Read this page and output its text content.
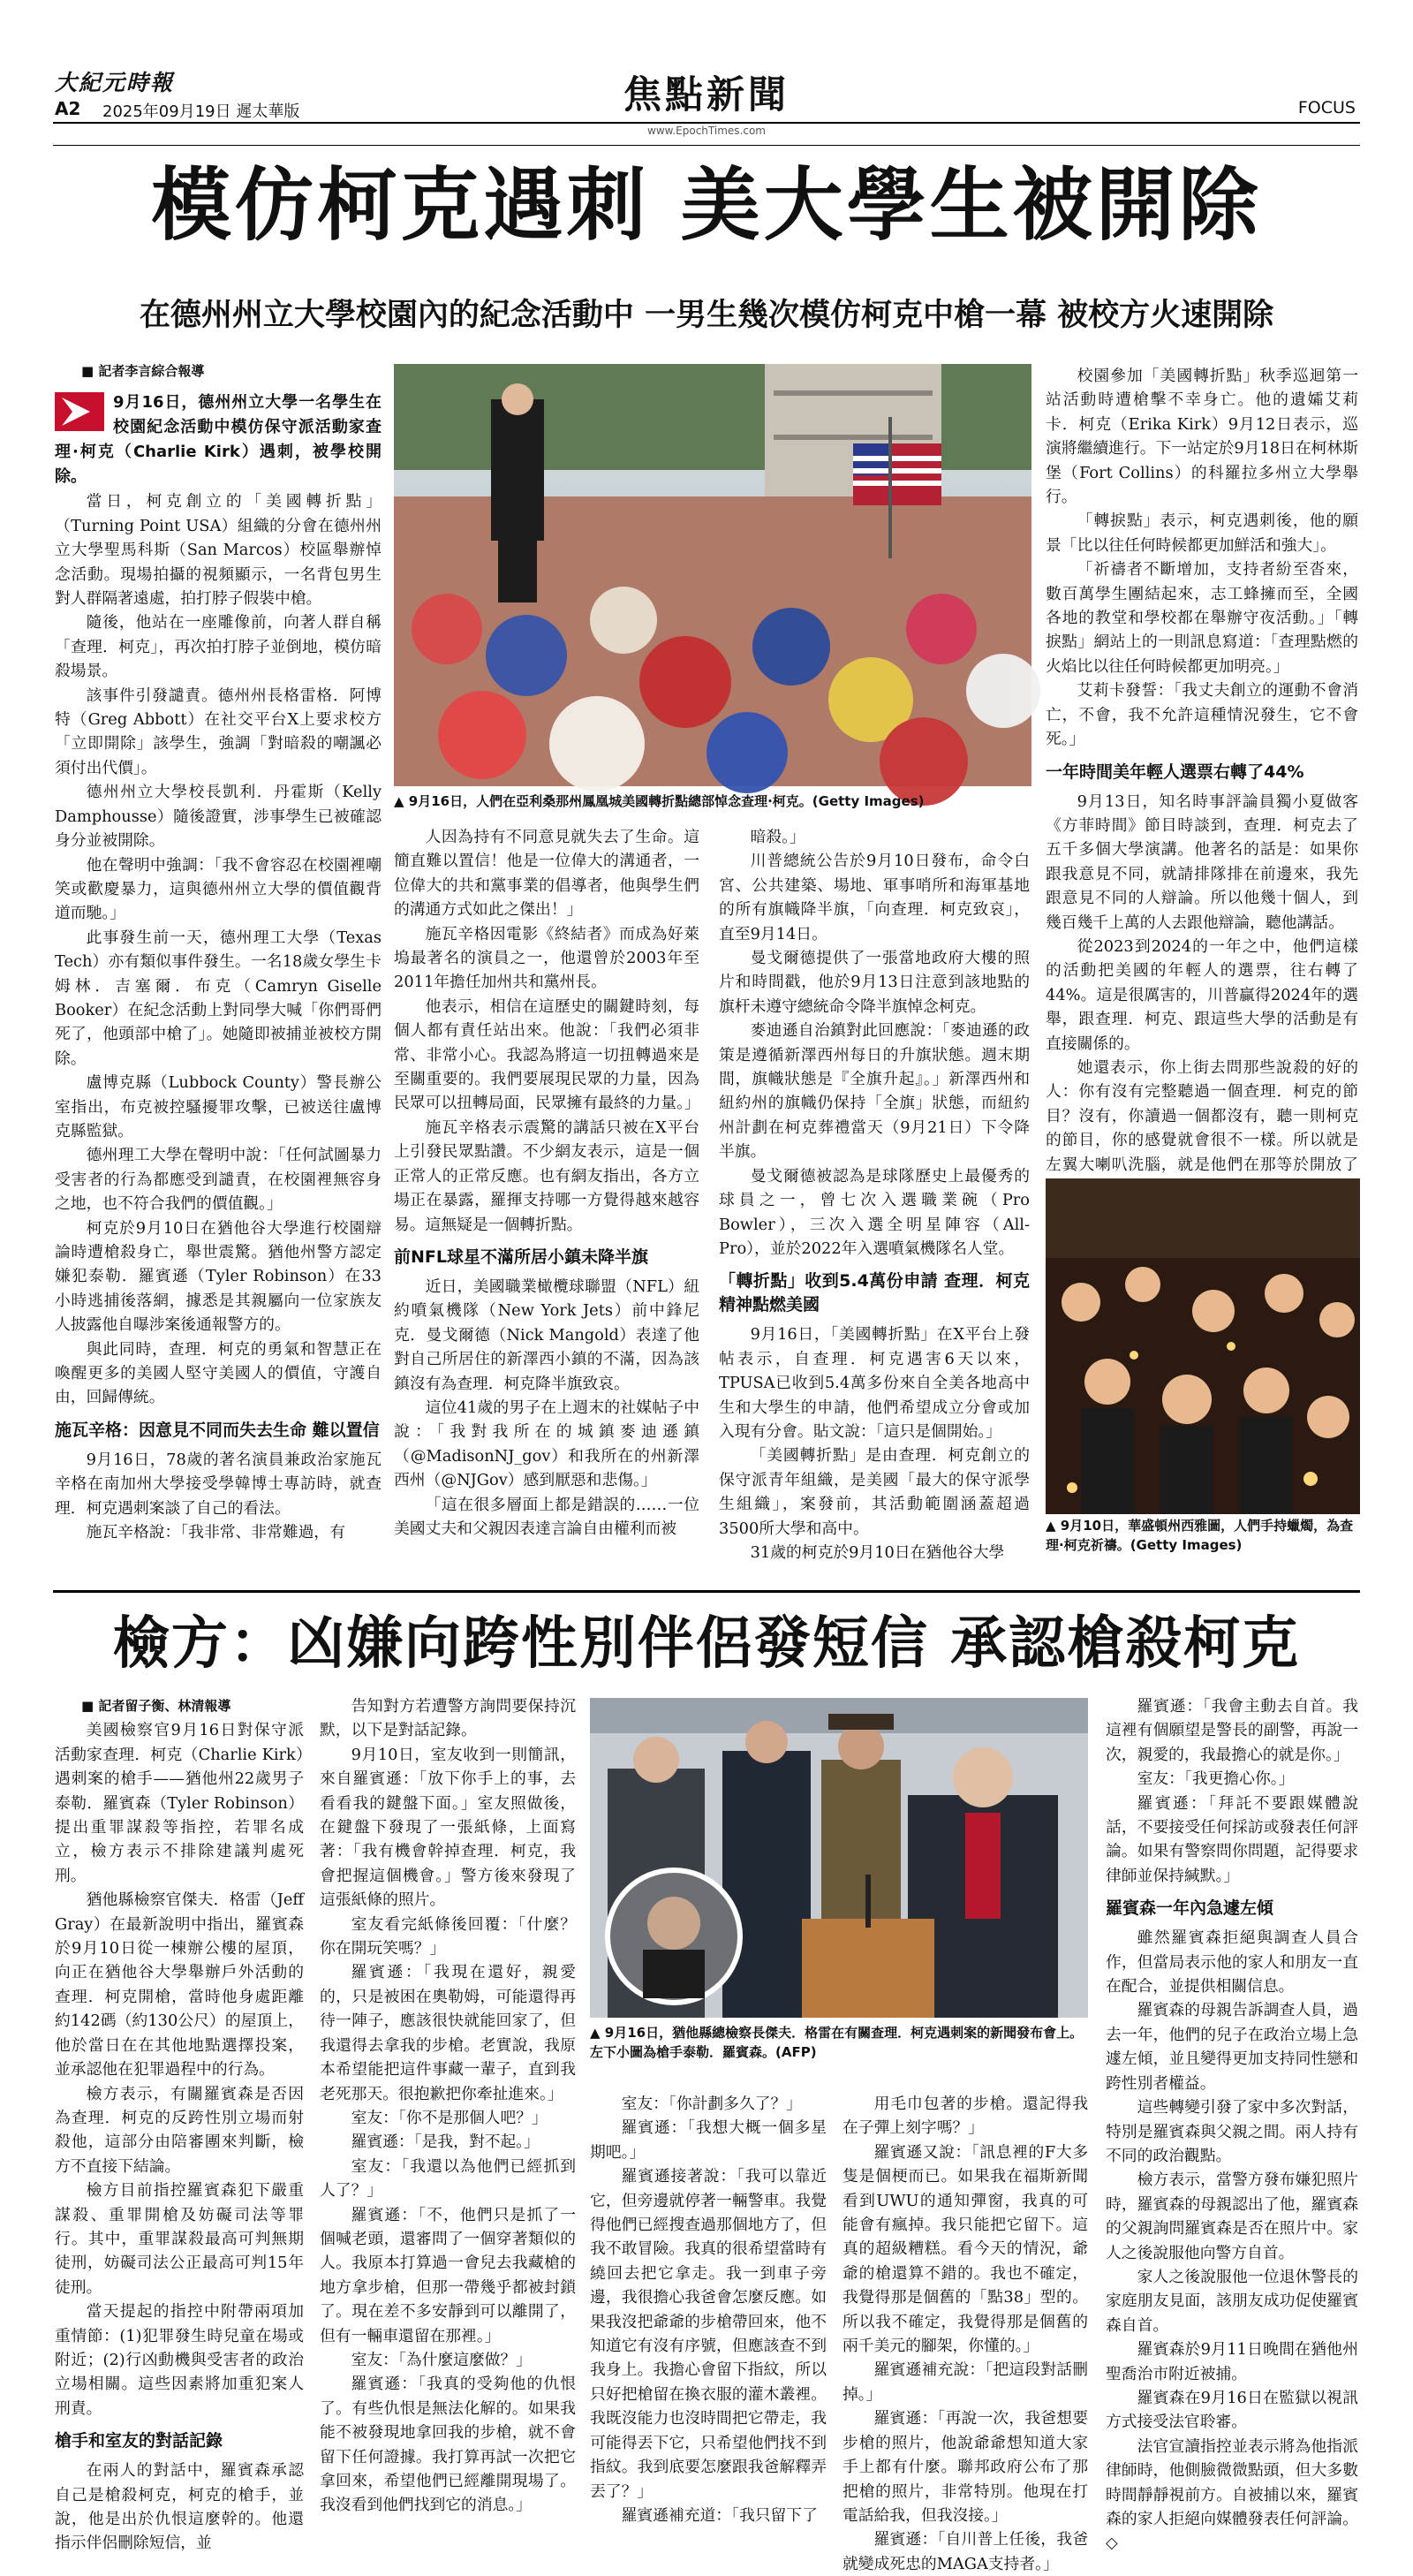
大紀元時報
A2 2025年09月19日 遲太華版	焦點新聞
www.EpochTimes.com
FOCUS
模仿柯克遇刺 美大學生被開除
在德州州立大學校園內的紀念活動中 一男生幾次模仿柯克中槍一幕 被校方火速開除

■ 記者李言綜合報導

9月16日，德州州立大學一名學生在校園紀念活動中模仿保守派活動家查理·柯克（Charlie Kirk）遇刺，被學校開除。

當日，柯克創立的「美國轉折點」（Turning Point USA）組織的分會在德州州立大學聖馬科斯（San Marcos）校區舉辦悼念活動。現場拍攝的視頻顯示，一名背包男生對人群隔著遠處，拍打脖子假裝中槍。

隨後，他站在一座雕像前，向著人群自稱「查理．柯克」，再次拍打脖子並倒地，模仿暗殺場景。

該事件引發譴責。德州州長格雷格．阿博特（Greg Abbott）在社交平台X上要求校方「立即開除」該學生，強調「對暗殺的嘲諷必須付出代價」。

德州州立大學校長凱利．丹霍斯（Kelly Damphousse）隨後證實，涉事學生已被確認身分並被開除。

他在聲明中強調：「我不會容忍在校園裡嘲笑或歡慶暴力，這與德州州立大學的價值觀背道而馳。」

此事發生前一天，德州理工大學（Texas Tech）亦有類似事件發生。一名18歲女學生卡姆林．吉塞爾．布克（Camryn Giselle Booker）在紀念活動上對同學大喊「你們哥們死了，他頭部中槍了」。她隨即被捕並被校方開除。

盧博克縣（Lubbock County）警長辦公室指出，布克被控騷擾罪攻擊，已被送往盧博克縣監獄。

德州理工大學在聲明中說：「任何試圖暴力受害者的行為都應受到譴責，在校園裡無容身之地，也不符合我們的價值觀。」

柯克於9月10日在猶他谷大學進行校園辯論時遭槍殺身亡，舉世震驚。猶他州警方認定嫌犯泰勒．羅賓遜（Tyler Robinson）在33小時逃捕後落網，據悉是其親屬向一位家族友人披露他自曝涉案後通報警方的。

與此同時，查理．柯克的勇氣和智慧正在喚醒更多的美國人堅守美國人的價值，守護自由，回歸傳統。

施瓦辛格：因意見不同而失去生命 難以置信

9月16日，78歲的著名演員兼政治家施瓦辛格在南加州大學接受學韓博士專訪時，就查理．柯克遇刺案談了自己的看法。

施瓦辛格說：「我非常、非常難過，有

▲ 9月16日，人們在亞利桑那州鳳凰城美國轉折點總部悼念查理·柯克。(Getty Images)

人因為持有不同意見就失去了生命。這簡直難以置信！他是一位偉大的溝通者，一位偉大的共和黨事業的倡導者，他與學生們的溝通方式如此之傑出！」

施瓦辛格因電影《終結者》而成為好萊塢最著名的演員之一，他還曾於2003年至2011年擔任加州共和黨州長。

他表示，相信在這歷史的關鍵時刻，每個人都有責任站出來。他說：「我們必須非常、非常小心。我認為將這一切扭轉過來是至關重要的。我們要展現民眾的力量，因為民眾可以扭轉局面，民眾擁有最終的力量。」

施瓦辛格表示震驚的講話只被在X平台上引發民眾點讚。不少網友表示，這是一個正常人的正常反應。也有網友指出，各方立場正在暴露，羅揮支持哪一方覺得越來越容易。這無疑是一個轉折點。

前NFL球星不滿所居小鎮未降半旗

近日，美國職業橄欖球聯盟（NFL）紐約噴氣機隊（New York Jets）前中鋒尼克．曼戈爾德（Nick Mangold）表達了他對自己所居住的新澤西小鎮的不滿，因為該鎮沒有為查理．柯克降半旗致哀。

這位41歲的男子在上週末的社媒帖子中說：「我對我所在的城鎮麥迪遜鎮（@MadisonNJ_gov）和我所在的州新澤西州（@NJGov）感到厭惡和悲傷。」

「這在很多層面上都是錯誤的……一位美國丈夫和父親因表達言論自由權利而被

暗殺。」

川普總統公告於9月10日發布，命令白宮、公共建築、場地、軍事哨所和海軍基地的所有旗幟降半旗，「向查理．柯克致哀」，直至9月14日。

曼戈爾德提供了一張當地政府大樓的照片和時間戳，他於9月13日注意到該地點的旗杆未遵守總統命令降半旗悼念柯克。

麥迪遜自治鎮對此回應說：「麥迪遜的政策是遵循新澤西州每日的升旗狀態。週末期間，旗幟狀態是『全旗升起』。」新澤西州和紐約州的旗幟仍保持「全旗」狀態，而紐約州計劃在柯克葬禮當天（9月21日）下令降半旗。

曼戈爾德被認為是球隊歷史上最優秀的球員之一，曾七次入選職業碗（Pro Bowler），三次入選全明星陣容（All-Pro），並於2022年入選噴氣機隊名人堂。

「轉折點」收到5.4萬份申請 查理．柯克精神點燃美國

9月16日，「美國轉折點」在X平台上發帖表示，自查理．柯克遇害6天以來，TPUSA已收到5.4萬多份來自全美各地高中生和大學生的申請，他們希望成立分會或加入現有分會。貼文說：「這只是個開始。」

「美國轉折點」是由查理．柯克創立的保守派青年組織，是美國「最大的保守派學生組織」，案發前，其活動範圍涵蓋超過3500所大學和高中。

31歲的柯克於9月10日在猶他谷大學

校園參加「美國轉折點」秋季巡迴第一站活動時遭槍擊不幸身亡。他的遺孀艾莉卡．柯克（Erika Kirk）9月12日表示，巡演將繼續進行。下一站定於9月18日在柯林斯堡（Fort Collins）的科羅拉多州立大學舉行。

「轉捩點」表示，柯克遇刺後，他的願景「比以往任何時候都更加鮮活和強大」。

「祈禱者不斷增加，支持者紛至沓來，數百萬學生團結起來，志工蜂擁而至，全國各地的教堂和學校都在舉辦守夜活動。」「轉捩點」網站上的一則訊息寫道：「查理點燃的火焰比以往任何時候都更加明亮。」

艾莉卡發誓：「我丈夫創立的運動不會消亡，不會，我不允許這種情況發生，它不會死。」

一年時間美年輕人選票右轉了44%

9月13日，知名時事評論員獨小夏做客《方菲時間》節目時談到，查理．柯克去了五千多個大學演講。他著名的話是：如果你跟我意見不同，就請排隊排在前邊來，我先跟意見不同的人辯論。所以他幾十個人，到幾百幾千上萬的人去跟他辯論，聽他講話。

從2023到2024的一年之中，他們這樣的活動把美國的年輕人的選票，往右轉了44%。這是很厲害的，川普贏得2024年的選舉，跟查理．柯克、跟這些大學的活動是有直接關係的。

她還表示，你上街去問那些說殺的好的人：你有沒有完整聽過一個查理．柯克的節目？沒有，你讀過一個都沒有，聽一則柯克的節目，你的感覺就會很不一樣。所以就是左翼大喇叭洗腦，就是他們在那等於開放了

▲ 9月10日，華盛頓州西雅圖，人們手持蠟燭，為查理·柯克祈禱。(Getty Images)
檢方：凶嫌向跨性別伴侶發短信 承認槍殺柯克

■ 記者留子衡、林清報導

美國檢察官9月16日對保守派活動家查理．柯克（Charlie Kirk）遇刺案的槍手——猶他州22歲男子泰勒．羅賓森（Tyler Robinson）提出重罪謀殺等指控，若罪名成立，檢方表示不排除建議判處死刑。

猶他縣檢察官傑夫．格雷（Jeff Gray）在最新說明中指出，羅賓森於9月10日從一棟辦公樓的屋頂，向正在猶他谷大學舉辦戶外活動的查理．柯克開槍，當時他身處距離約142碼（約130公尺）的屋頂上，他於當日在在其他地點選擇投案，並承認他在犯罪過程中的行為。

檢方表示，有關羅賓森是否因為查理．柯克的反跨性別立場而射殺他，這部分由陪審團來判斷，檢方不直接下結論。

檢方目前指控羅賓森犯下嚴重謀殺、重罪開槍及妨礙司法等罪行。其中，重罪謀殺最高可判無期徒刑，妨礙司法公正最高可判15年徒刑。

當天提起的指控中附帶兩項加重情節：(1)犯罪發生時兒童在場或附近；(2)行凶動機與受害者的政治立場相關。這些因素將加重犯案人刑責。

槍手和室友的對話記錄

在兩人的對話中，羅賓森承認自己是槍殺柯克，柯克的槍手，並說，他是出於仇恨這麼幹的。他還指示伴侶刪除短信，並

告知對方若遭警方詢問要保持沉默，以下是對話記錄。

9月10日，室友收到一則簡訊，來自羅賓遜：「放下你手上的事，去看看我的鍵盤下面。」室友照做後，在鍵盤下發現了一張紙條，上面寫著：「我有機會幹掉查理．柯克，我會把握這個機會。」警方後來發現了這張紙條的照片。

室友看完紙條後回覆：「什麼？你在開玩笑嗎？」

羅賓遜：「我現在還好，親愛的，只是被困在奧勒姆，可能還得再待一陣子，應該很快就能回家了，但我還得去拿我的步槍。老實說，我原本希望能把這件事藏一輩子，直到我老死那天。很抱歉把你牽扯進來。」

室友：「你不是那個人吧？」

羅賓遜：「是我，對不起。」

室友：「我還以為他們已經抓到人了？」

羅賓遜：「不，他們只是抓了一個喊老頭，還審問了一個穿著類似的人。我原本打算過一會兒去我藏槍的地方拿步槍，但那一帶幾乎都被封鎖了。現在差不多安靜到可以離開了，但有一輛車還留在那裡。」

室友：「為什麼這麼做？」

羅賓遜：「我真的受夠他的仇恨了。有些仇恨是無法化解的。如果我能不被發現地拿回我的步槍，就不會留下任何證據。我打算再試一次把它拿回來，希望他們已經離開現場了。我沒看到他們找到它的消息。」

▲ 9月16日，猶他縣總檢察長傑夫．格雷在有關查理．柯克遇刺案的新聞發布會上。左下小圖為槍手泰勒．羅賓森。(AFP)

室友：「你計劃多久了？」

羅賓遜：「我想大概一個多星期吧。」

羅賓遜接著說：「我可以靠近它，但旁邊就停著一輛警車。我覺得他們已經搜查過那個地方了，但我不敢冒險。我真的很希望當時有繞回去把它拿走。我一到車子旁邊，我很擔心我爸會怎麼反應。如果我沒把爺爺的步槍帶回來，他不知道它有沒有序號，但應該查不到我身上。我擔心會留下指紋，所以只好把槍留在換衣服的灌木叢裡。我既沒能力也沒時間把它帶走，我可能得丟下它，只希望他們找不到指紋。我到底要怎麼跟我爸解釋弄丟了？」

羅賓遜補充道：「我只留下了

用毛巾包著的步槍。還記得我在子彈上刻字嗎？」

羅賓遜又說：「訊息裡的F大多隻是個梗而已。如果我在福斯新聞看到UWU的通知彈窗，我真的可能會有瘋掉。我只能把它留下。這真的超級糟糕。看今天的情況，爺爺的槍還算不錯的。我也不確定，我覺得那是個舊的「點38」型的。所以我不確定，我覺得那是個舊的兩千美元的腳架，你懂的。」

羅賓遜補充說：「把這段對話刪掉。」

羅賓遜：「再說一次，我爸想要步槍的照片，他說爺爺想知道大家手上都有什麼。聯邦政府公布了那把槍的照片，非常特別。他現在打電話給我，但我沒接。」

羅賓遜：「自川普上任後，我爸就變成死忠的MAGA支持者。」

羅賓遜：「我會主動去自首。我這裡有個願望是警長的副警，再說一次，親愛的，我最擔心的就是你。」

室友：「我更擔心你。」

羅賓遜：「拜託不要跟媒體說話，不要接受任何採訪或發表任何評論。如果有警察問你問題，記得要求律師並保持緘默。」

羅賓森一年內急遽左傾

雖然羅賓森拒絕與調查人員合作，但當局表示他的家人和朋友一直在配合，並提供相關信息。

羅賓森的母親告訴調查人員，過去一年，他們的兒子在政治立場上急遽左傾，並且變得更加支持同性戀和跨性別者權益。

這些轉變引發了家中多次對話，特別是羅賓森與父親之間。兩人持有不同的政治觀點。

檢方表示，當警方發布嫌犯照片時，羅賓森的母親認出了他，羅賓森的父親詢問羅賓森是否在照片中。家人之後說服他向警方自首。

家人之後說服他一位退休警長的家庭朋友見面，該朋友成功促使羅賓森自首。

羅賓森於9月11日晚間在猶他州聖喬治市附近被捕。

羅賓森在9月16日在監獄以視訊方式接受法官聆審。

法官宣讀指控並表示將為他指派律師時，他側臉微微點頭，但大多數時間靜靜視前方。自被捕以來，羅賓森的家人拒絕向媒體發表任何評論。◇
